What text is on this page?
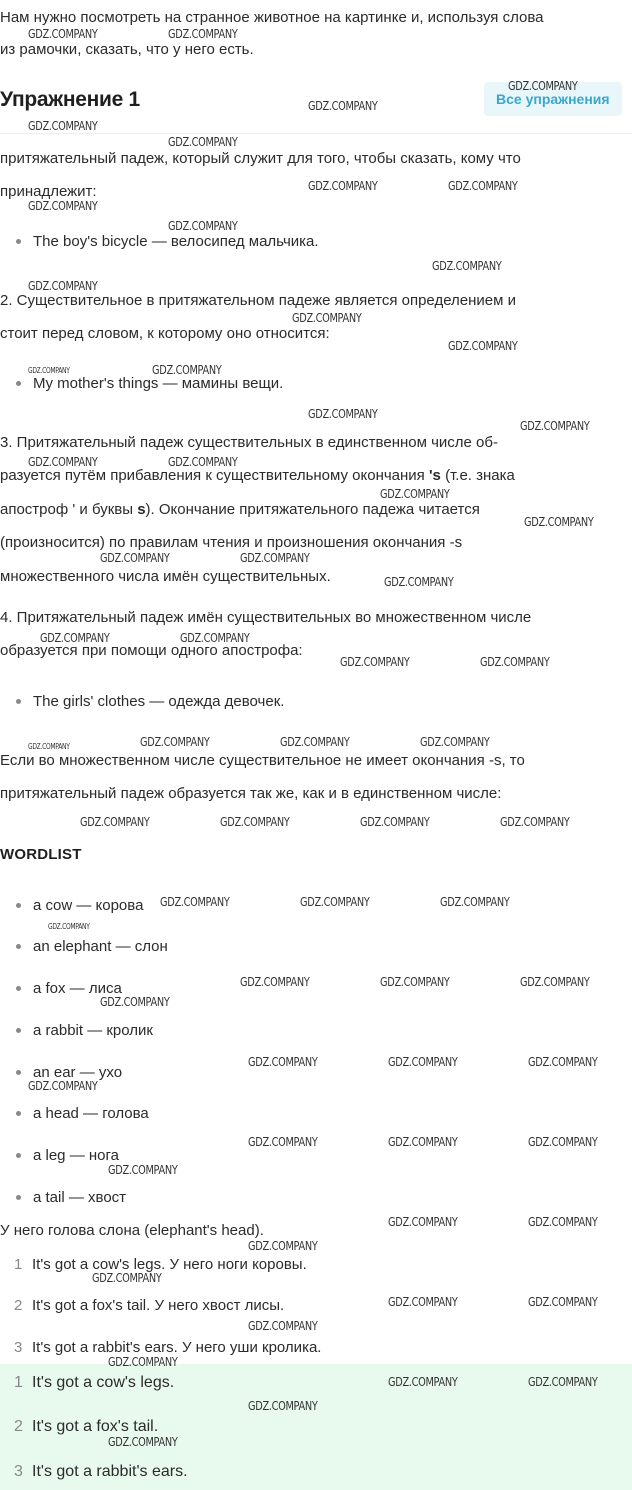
Нам нужно посмотреть на странное животное на картинке и, используя слова
из рамочки, сказать, что у него есть.
Упражнение 1	Все упражнения

притяжательный падеж, который служит для того, чтобы сказать, кому что

принадлежит:

The boy's bicycle — велосипед мальчика.

2. Существительное в притяжательном падеже является определением и

стоит перед словом, к которому оно относится:

My mother's things — мамины вещи.

3. Притяжательный падеж существительных в единственном числе об-

разуется путём прибавления к существительному окончания 's (т.е. знака

апостроф ' и буквы s). Окончание притяжательного падежа читается

(произносится) по правилам чтения и произношения окончания -s

множественного числа имён существительных.

4. Притяжательный падеж имён существительных во множественном числе

образуется при помощи одного апострофа:

The girls' clothes — одежда девочек.

Если во множественном числе существительное не имеет окончания -s, то

притяжательный падеж образуется так же, как и в единственном числе:

WORDLIST
a cow — корова
an elephant — слон
a fox — лиса
a rabbit — кролик
an ear — ухо
a head — голова
a leg — нога
a tail — хвост
У него голова слона (elephant's head).
1 It's got a cow's legs. У него ноги коровы.
2 It's got a fox's tail. У него хвост лисы.
3 It's got a rabbit's ears. У него уши кролика.
1 It's got a cow's legs.
2 It's got a fox's tail.
3 It's got a rabbit's ears.
GDZ.COMPANY	GDZ.COMPANY
GDZ.COMPANY
GDZ.COMPANY
GDZ.COMPANY
GDZ.COMPANY
GDZ.COMPANY	GDZ.COMPANY
GDZ.COMPANY
GDZ.COMPANY
GDZ.COMPANY
GDZ.COMPANY
GDZ.COMPANY
GDZ.COMPANY
GDZ.COMPANY	GDZ.COMPANY
GDZ.COMPANY
GDZ.COMPANY
GDZ.COMPANY	GDZ.COMPANY
GDZ.COMPANY
GDZ.COMPANY
GDZ.COMPANY	GDZ.COMPANY
GDZ.COMPANY
GDZ.COMPANY	GDZ.COMPANY
GDZ.COMPANY	GDZ.COMPANY
GDZ.COMPANY	GDZ.COMPANY	GDZ.COMPANY	GDZ.COMPANY
GDZ.COMPANY	GDZ.COMPANY	GDZ.COMPANY	GDZ.COMPANY
GDZ.COMPANY	GDZ.COMPANY	GDZ.COMPANY
GDZ.COMPANY
GDZ.COMPANY	GDZ.COMPANY	GDZ.COMPANY
GDZ.COMPANY
GDZ.COMPANY	GDZ.COMPANY	GDZ.COMPANY
GDZ.COMPANY
GDZ.COMPANY	GDZ.COMPANY	GDZ.COMPANY
GDZ.COMPANY
GDZ.COMPANY	GDZ.COMPANY
GDZ.COMPANY
GDZ.COMPANY
GDZ.COMPANY	GDZ.COMPANY
GDZ.COMPANY
GDZ.COMPANY
GDZ.COMPANY	GDZ.COMPANY
GDZ.COMPANY
GDZ.COMPANY
